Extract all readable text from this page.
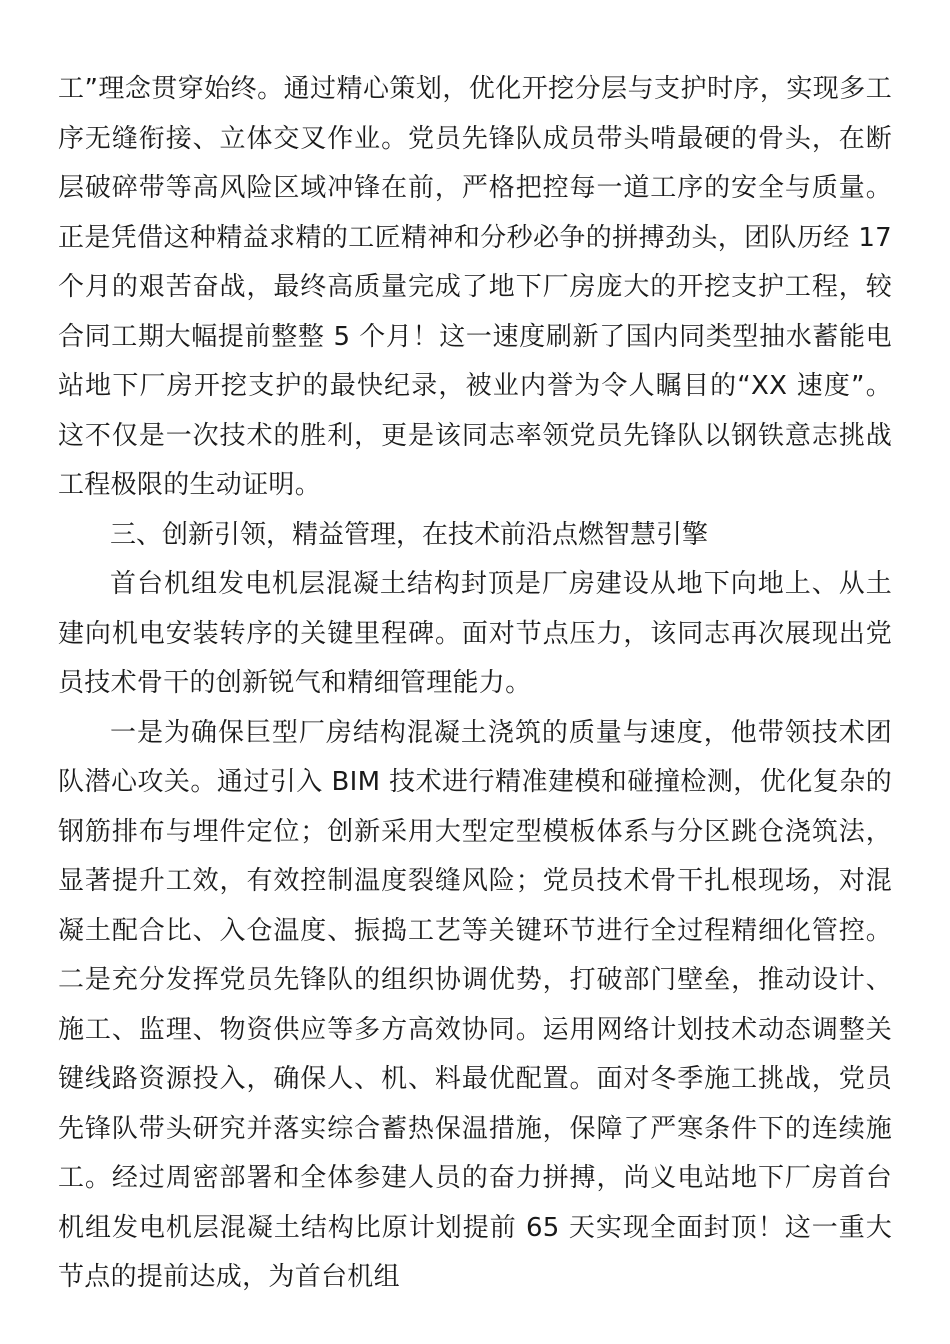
工”理念贯穿始终。通过精心策划，优化开挖分层与支护时序，实现多工序无缝衔接、立体交叉作业。党员先锋队成员带头啃最硬的骨头，在断层破碎带等高风险区域冲锋在前，严格把控每一道工序的安全与质量。正是凭借这种精益求精的工匠精神和分秒必争的拼搏劲头，团队历经 17 个月的艰苦奋战，最终高质量完成了地下厂房庞大的开挖支护工程，较合同工期大幅提前整整 5 个月！这一速度刷新了国内同类型抽水蓄能电站地下厂房开挖支护的最快纪录，被业内誉为令人瞩目的“XX 速度”。这不仅是一次技术的胜利，更是该同志率领党员先锋队以钢铁意志挑战工程极限的生动证明。

三、创新引领，精益管理，在技术前沿点燃智慧引擎

首台机组发电机层混凝土结构封顶是厂房建设从地下向地上、从土建向机电安装转序的关键里程碑。面对节点压力，该同志再次展现出党员技术骨干的创新锐气和精细管理能力。

一是为确保巨型厂房结构混凝土浇筑的质量与速度，他带领技术团队潜心攻关。通过引入 BIM 技术进行精准建模和碰撞检测，优化复杂的钢筋排布与埋件定位；创新采用大型定型模板体系与分区跳仓浇筑法，显著提升工效，有效控制温度裂缝风险；党员技术骨干扎根现场，对混凝土配合比、入仓温度、振捣工艺等关键环节进行全过程精细化管控。二是充分发挥党员先锋队的组织协调优势，打破部门壁垒，推动设计、施工、监理、物资供应等多方高效协同。运用网络计划技术动态调整关键线路资源投入，确保人、机、料最优配置。面对冬季施工挑战，党员先锋队带头研究并落实综合蓄热保温措施，保障了严寒条件下的连续施工。经过周密部署和全体参建人员的奋力拼搏，尚义电站地下厂房首台机组发电机层混凝土结构比原计划提前 65 天实现全面封顶！这一重大节点的提前达成，为首台机组
